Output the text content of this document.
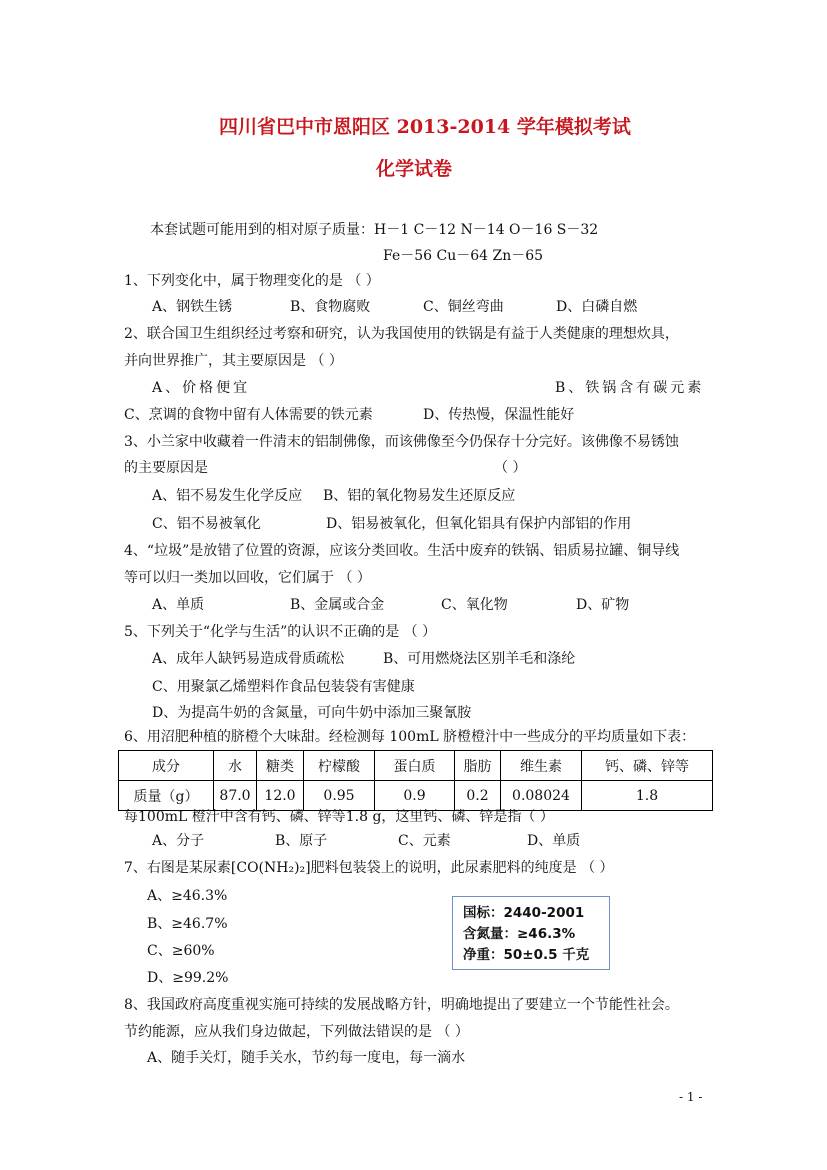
四川省巴中市恩阳区 2013-2014 学年模拟考试
化学试卷
本套试题可能用到的相对原子质量：H－1 C－12 N－14 O－16 S－32
Fe－56 Cu－64 Zn－65
1、下列变化中，属于物理变化的是 （ ）
A、钢铁生锈	B、食物腐败	C、铜丝弯曲	D、白磷自燃
2、联合国卫生组织经过考察和研究，认为我国使用的铁锅是有益于人类健康的理想炊具，
并向世界推广，其主要原因是 （ ）
A、价格便宜	B、铁锅含有碳元素
C、烹调的食物中留有人体需要的铁元素	D、传热慢，保温性能好
3、小兰家中收藏着一件清末的铝制佛像，而该佛像至今仍保存十分完好。该佛像不易锈蚀
的主要原因是	（ ）
A、铝不易发生化学反应 B、铝的氧化物易发生还原反应
C、铝不易被氧化	D、铝易被氧化，但氧化铝具有保护内部铝的作用
4、“垃圾”是放错了位置的资源，应该分类回收。生活中废弃的铁锅、铝质易拉罐、铜导线
等可以归一类加以回收，它们属于 （ ）
A、单质	B、金属或合金	C、氧化物	D、矿物
5、下列关于“化学与生活”的认识不正确的是 （ ）
A、成年人缺钙易造成骨质疏松	B、可用燃烧法区别羊毛和涤纶
C、用聚氯乙烯塑料作食品包装袋有害健康
D、为提高牛奶的含氮量，可向牛奶中添加三聚氰胺
6、用沼肥种植的脐橙个大味甜。经检测每 100mL 脐橙橙汁中一些成分的平均质量如下表：
成分	水	糖类	柠檬酸	蛋白质	脂肪	维生素	钙、磷、锌等
质量（g）	87.0	12.0	0.95	0.9	0.2	0.08024	1.8
每100mL 橙汁中含有钙、磷、锌等1.8 g，这里钙、磷、锌是指（ ）
A、分子	B、原子	C、元素	D、单质
7、右图是某尿素[CO(NH₂)₂]肥料包装袋上的说明，此尿素肥料的纯度是 （ ）
A、≥46.3%
B、≥46.7%
C、≥60%
D、≥99.2%
国标：2440-2001
含氮量：≥46.3%
净重：50±0.5 千克
8、我国政府高度重视实施可持续的发展战略方针，明确地提出了要建立一个节能性社会。
节约能源，应从我们身边做起，下列做法错误的是 （ ）
A、随手关灯，随手关水，节约每一度电，每一滴水
- 1 -
